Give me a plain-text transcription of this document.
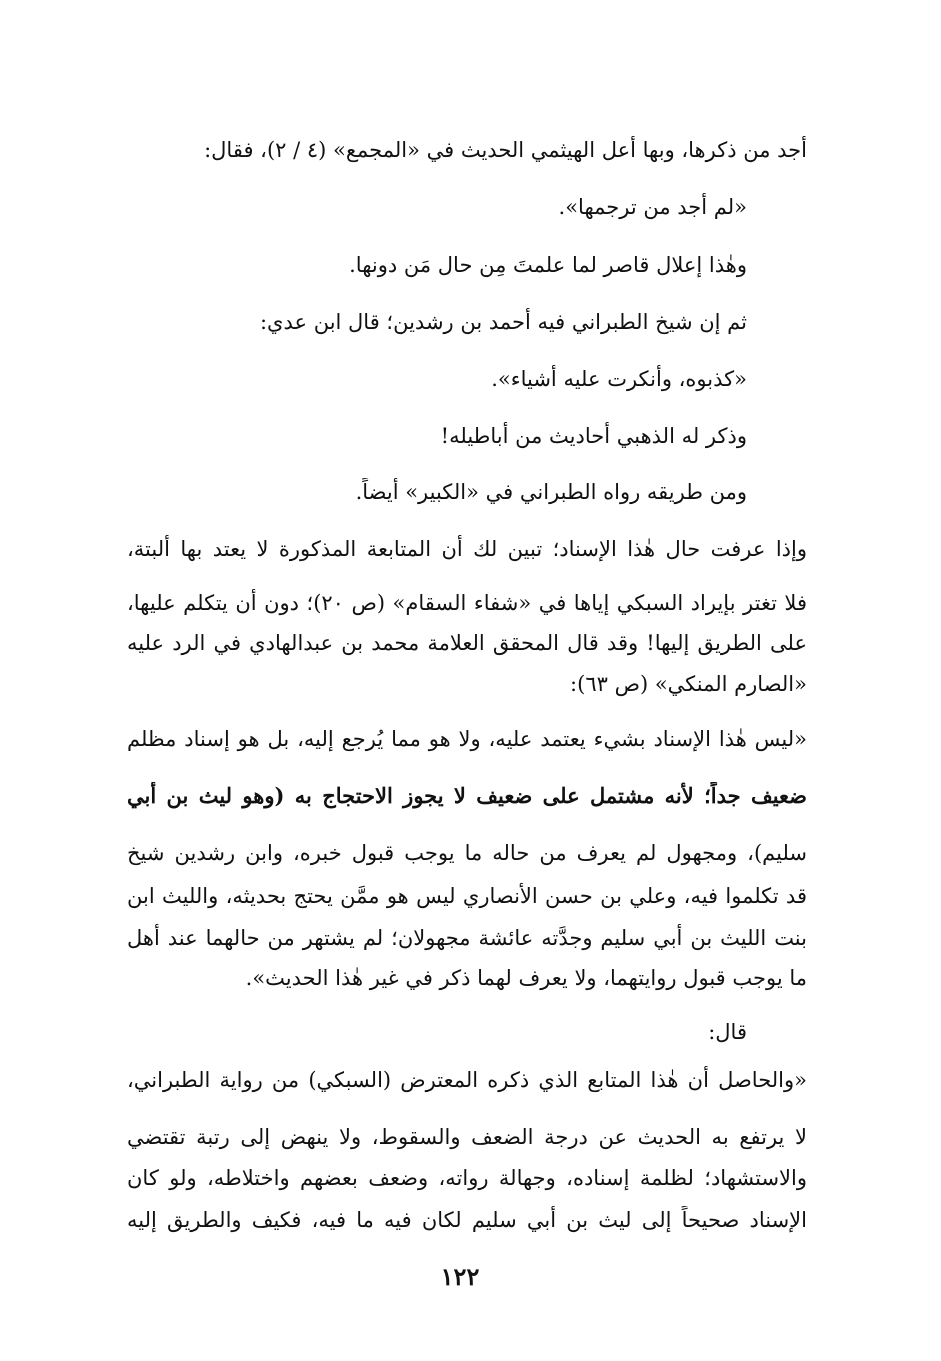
أجد من ذكرها، وبها أعل الهيثمي الحديث في «المجمع» (٤ / ٢)، فقال:
«لم أجد من ترجمها».
وهٰذا إعلال قاصر لما علمتَ مِن حال مَن دونها.
ثم إن شيخ الطبراني فيه أحمد بن رشدين؛ قال ابن عدي:
«كذبوه، وأنكرت عليه أشياء».
وذكر له الذهبي أحاديث من أباطيله!
ومن طريقه رواه الطبراني في «الكبير» أيضاً.
وإذا عرفت حال هٰذا الإسناد؛ تبين لك أن المتابعة المذكورة لا يعتد بها ألبتة،
فلا تغتر بإيراد السبكي إياها في «شفاء السقام» (ص ٢٠)؛ دون أن يتكلم عليها،
على الطريق إليها! وقد قال المحقق العلامة محمد بن عبدالهادي في الرد عليه
«الصارم المنكي» (ص ٦٣):
«ليس هٰذا الإسناد بشيء يعتمد عليه، ولا هو مما يُرجع إليه، بل هو إسناد مظلم
ضعيف جداً؛ لأنه مشتمل على ضعيف لا يجوز الاحتجاج به (وهو ليث بن أبي
سليم)، ومجهول لم يعرف من حاله ما يوجب قبول خبره، وابن رشدين شيخ
قد تكلموا فيه، وعلي بن حسن الأنصاري ليس هو ممَّن يحتج بحديثه، والليث ابن
بنت الليث بن أبي سليم وجدَّته عائشة مجهولان؛ لم يشتهر من حالهما عند أهل
ما يوجب قبول روايتهما، ولا يعرف لهما ذكر في غير هٰذا الحديث».
قال:
«والحاصل أن هٰذا المتابع الذي ذكره المعترض (السبكي) من رواية الطبراني،
لا يرتفع به الحديث عن درجة الضعف والسقوط، ولا ينهض إلى رتبة تقتضي
والاستشهاد؛ لظلمة إسناده، وجهالة رواته، وضعف بعضهم واختلاطه، ولو كان
الإسناد صحيحاً إلى ليث بن أبي سليم لكان فيه ما فيه، فكيف والطريق إليه
١٢٢
